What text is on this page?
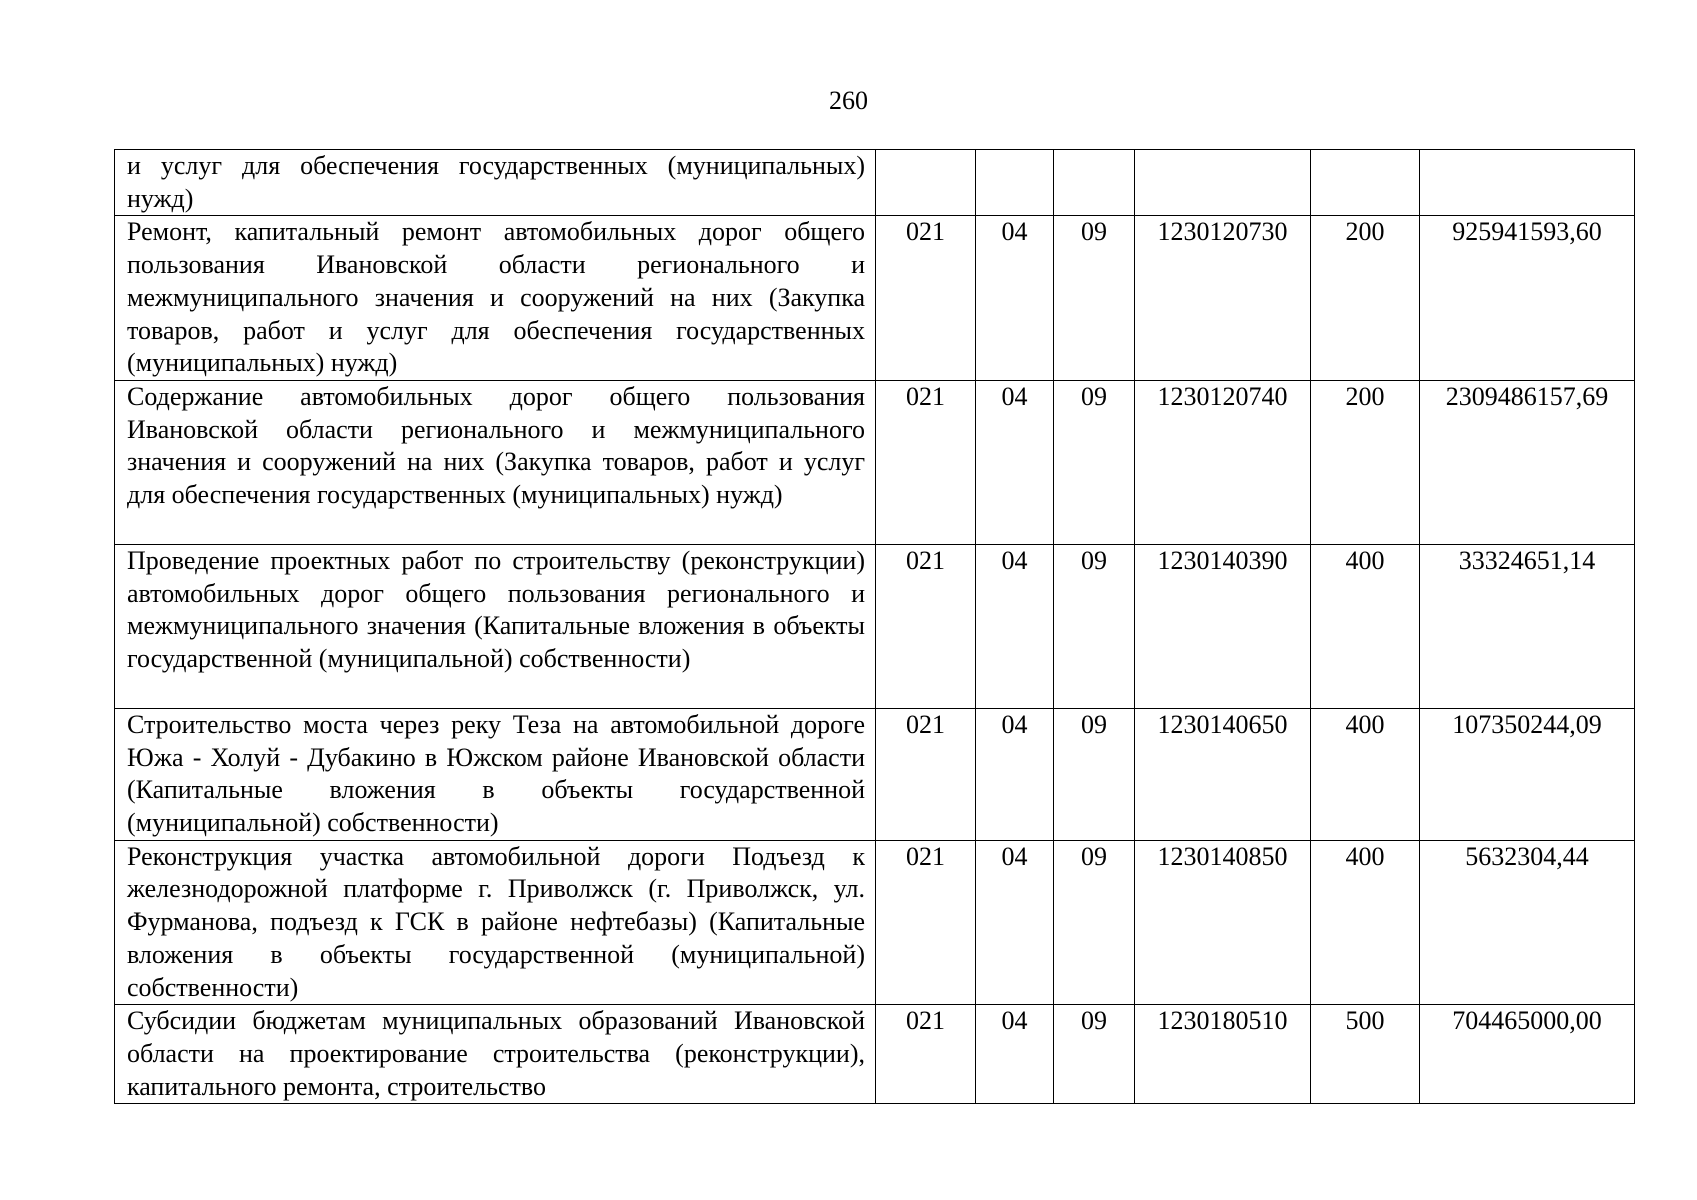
260
и услуг для обеспечения государственных (муниципальных) нужд)						
Ремонт, капитальный ремонт автомобильных дорог общего пользования Ивановской области регионального и межмуниципального значения и сооружений на них (Закупка товаров, работ и услуг для обеспечения государственных (муниципальных) нужд)	021	04	09	1230120730	200	925941593,60
Содержание автомобильных дорог общего пользования Ивановской области регионального и межмуниципального значения и сооружений на них (Закупка товаров, работ и услуг для обеспечения государственных (муниципальных) нужд)	021	04	09	1230120740	200	2309486157,69
Проведение проектных работ по строительству (реконструкции) автомобильных дорог общего пользования регионального и межмуниципального значения (Капитальные вложения в объекты государственной (муниципальной) собственности)	021	04	09	1230140390	400	33324651,14
Строительство моста через реку Теза на автомобильной дороге Южа - Холуй - Дубакино в Южском районе Ивановской области (Капитальные вложения в объекты государственной (муниципальной) собственности)	021	04	09	1230140650	400	107350244,09
Реконструкция участка автомобильной дороги Подъезд к железнодорожной платформе г. Приволжск (г. Приволжск, ул. Фурманова, подъезд к ГСК в районе нефтебазы) (Капитальные вложения в объекты государственной (муниципальной) собственности)	021	04	09	1230140850	400	5632304,44
Субсидии бюджетам муниципальных образований Ивановской области на проектирование строительства (реконструкции), капитального ремонта, строительство	021	04	09	1230180510	500	704465000,00
